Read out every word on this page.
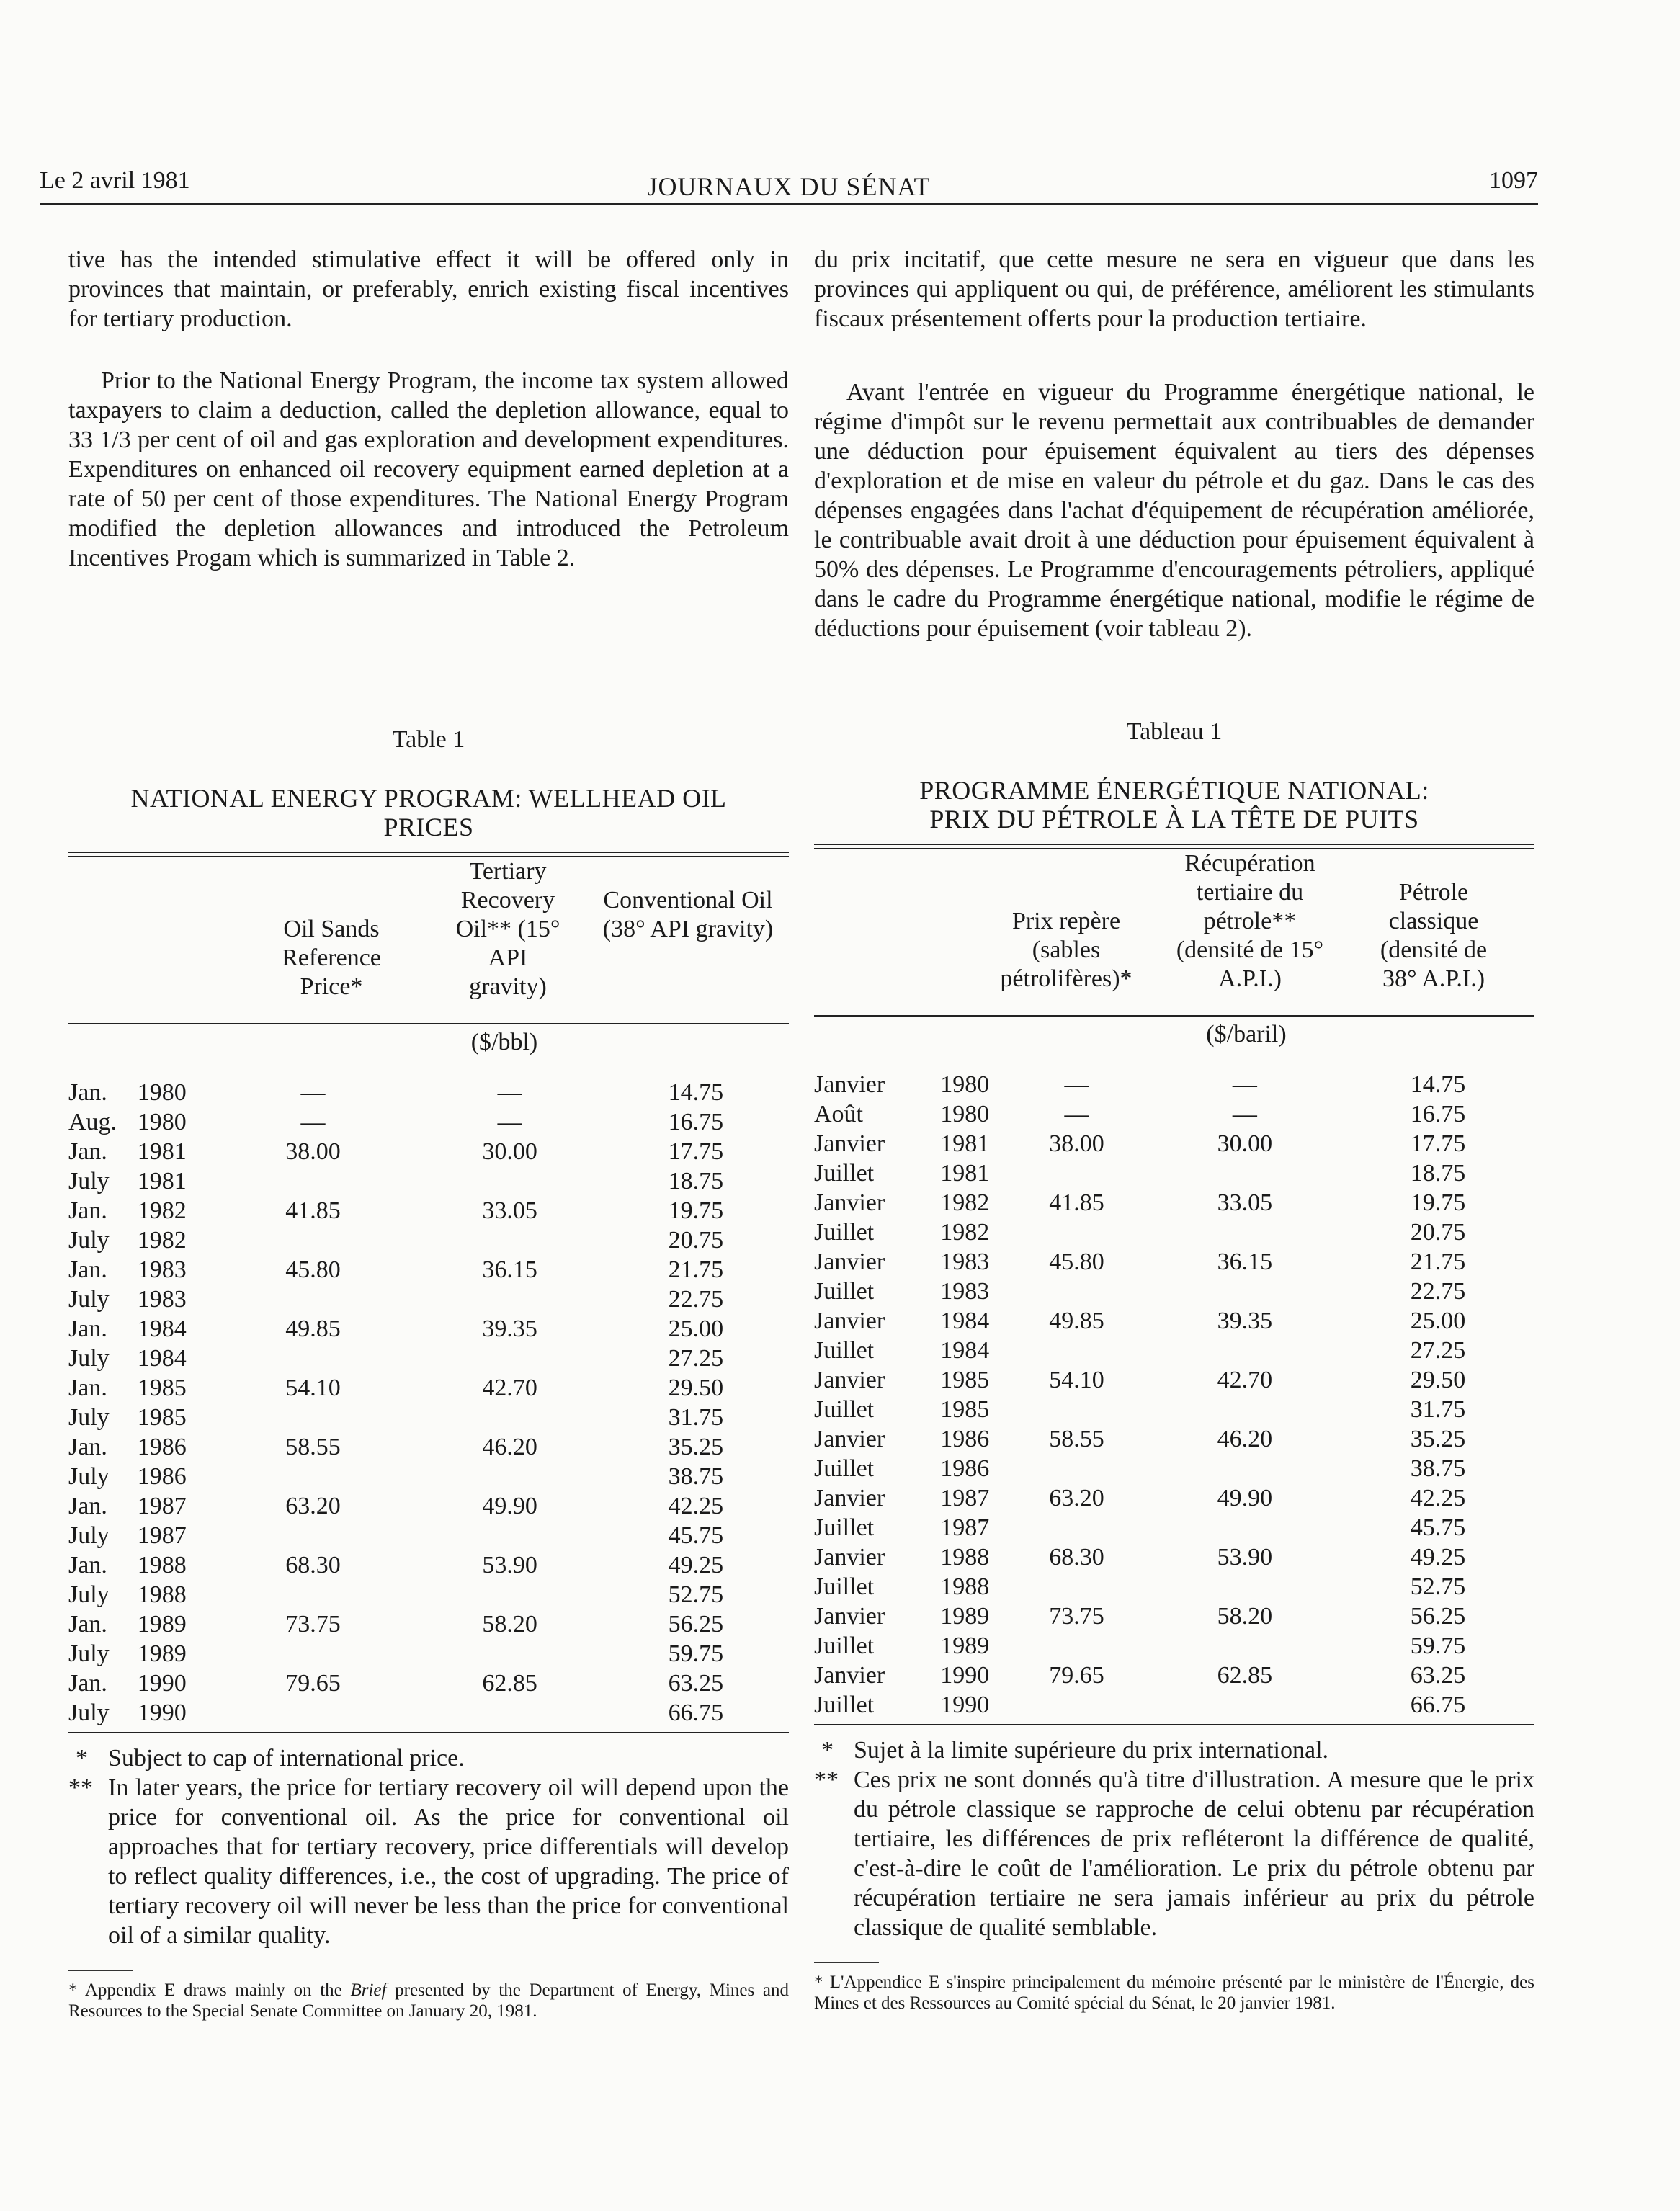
Le 2 avril 1981	JOURNAUX DU SÉNAT	1097

tive has the intended stimulative effect it will be offered only in provinces that maintain, or preferably, enrich existing fiscal incentives for tertiary production.

Prior to the National Energy Program, the income tax system allowed taxpayers to claim a deduction, called the depletion allowance, equal to 33 1/3 per cent of oil and gas exploration and development expenditures. Expenditures on enhanced oil recovery equipment earned depletion at a rate of 50 per cent of those expenditures. The National Energy Program modified the depletion allowances and introduced the Petroleum Incentives Progam which is summarized in Table 2.

Table 1
NATIONAL ENERGY PROGRAM: WELLHEAD OIL PRICES
Oil Sands Reference Price*
Tertiary Recovery Oil** (15° API gravity)
Conventional Oil (38° API gravity)
($/bbl)
Jan.	1980	—	—	14.75
Aug.	1980	—	—	16.75
Jan.	1981	38.00	30.00	17.75
July	1981			18.75
Jan.	1982	41.85	33.05	19.75
July	1982			20.75
Jan.	1983	45.80	36.15	21.75
July	1983			22.75
Jan.	1984	49.85	39.35	25.00
July	1984			27.25
Jan.	1985	54.10	42.70	29.50
July	1985			31.75
Jan.	1986	58.55	46.20	35.25
July	1986			38.75
Jan.	1987	63.20	49.90	42.25
July	1987			45.75
Jan.	1988	68.30	53.90	49.25
July	1988			52.75
Jan.	1989	73.75	58.20	56.25
July	1989			59.75
Jan.	1990	79.65	62.85	63.25
July	1990			66.75
* Subject to cap of international price.
** In later years, the price for tertiary recovery oil will depend upon the price for conventional oil. As the price for conventional oil approaches that for tertiary recovery, price differentials will develop to reflect quality differences, i.e., the cost of upgrading. The price of tertiary recovery oil will never be less than the price for conventional oil of a similar quality.
* Appendix E draws mainly on the Brief presented by the Department of Energy, Mines and Resources to the Special Senate Committee on January 20, 1981.

du prix incitatif, que cette mesure ne sera en vigueur que dans les provinces qui appliquent ou qui, de préférence, améliorent les stimulants fiscaux présentement offerts pour la production tertiaire.

Avant l'entrée en vigueur du Programme énergétique national, le régime d'impôt sur le revenu permettait aux contribuables de demander une déduction pour épuisement équivalent au tiers des dépenses d'exploration et de mise en valeur du pétrole et du gaz. Dans le cas des dépenses engagées dans l'achat d'équipement de récupération améliorée, le contribuable avait droit à une déduction pour épuisement équivalent à 50% des dépenses. Le Programme d'encouragements pétroliers, appliqué dans le cadre du Programme énergétique national, modifie le régime de déductions pour épuisement (voir tableau 2).

Tableau 1
PROGRAMME ÉNERGÉTIQUE NATIONAL:
PRIX DU PÉTROLE À LA TÊTE DE PUITS
Prix repère (sables pétrolifères)*
Récupération tertiaire du pétrole** (densité de 15° A.P.I.)
Pétrole classique (densité de 38° A.P.I.)
($/baril)
Janvier	1980	—	—	14.75
Août	1980	—	—	16.75
Janvier	1981	38.00	30.00	17.75
Juillet	1981			18.75
Janvier	1982	41.85	33.05	19.75
Juillet	1982			20.75
Janvier	1983	45.80	36.15	21.75
Juillet	1983			22.75
Janvier	1984	49.85	39.35	25.00
Juillet	1984			27.25
Janvier	1985	54.10	42.70	29.50
Juillet	1985			31.75
Janvier	1986	58.55	46.20	35.25
Juillet	1986			38.75
Janvier	1987	63.20	49.90	42.25
Juillet	1987			45.75
Janvier	1988	68.30	53.90	49.25
Juillet	1988			52.75
Janvier	1989	73.75	58.20	56.25
Juillet	1989			59.75
Janvier	1990	79.65	62.85	63.25
Juillet	1990			66.75
* Sujet à la limite supérieure du prix international.
** Ces prix ne sont donnés qu'à titre d'illustration. A mesure que le prix du pétrole classique se rapproche de celui obtenu par récupération tertiaire, les différences de prix refléteront la différence de qualité, c'est-à-dire le coût de l'amélioration. Le prix du pétrole obtenu par récupération tertiaire ne sera jamais inférieur au prix du pétrole classique de qualité semblable.
* L'Appendice E s'inspire principalement du mémoire présenté par le ministère de l'Énergie, des Mines et des Ressources au Comité spécial du Sénat, le 20 janvier 1981.
